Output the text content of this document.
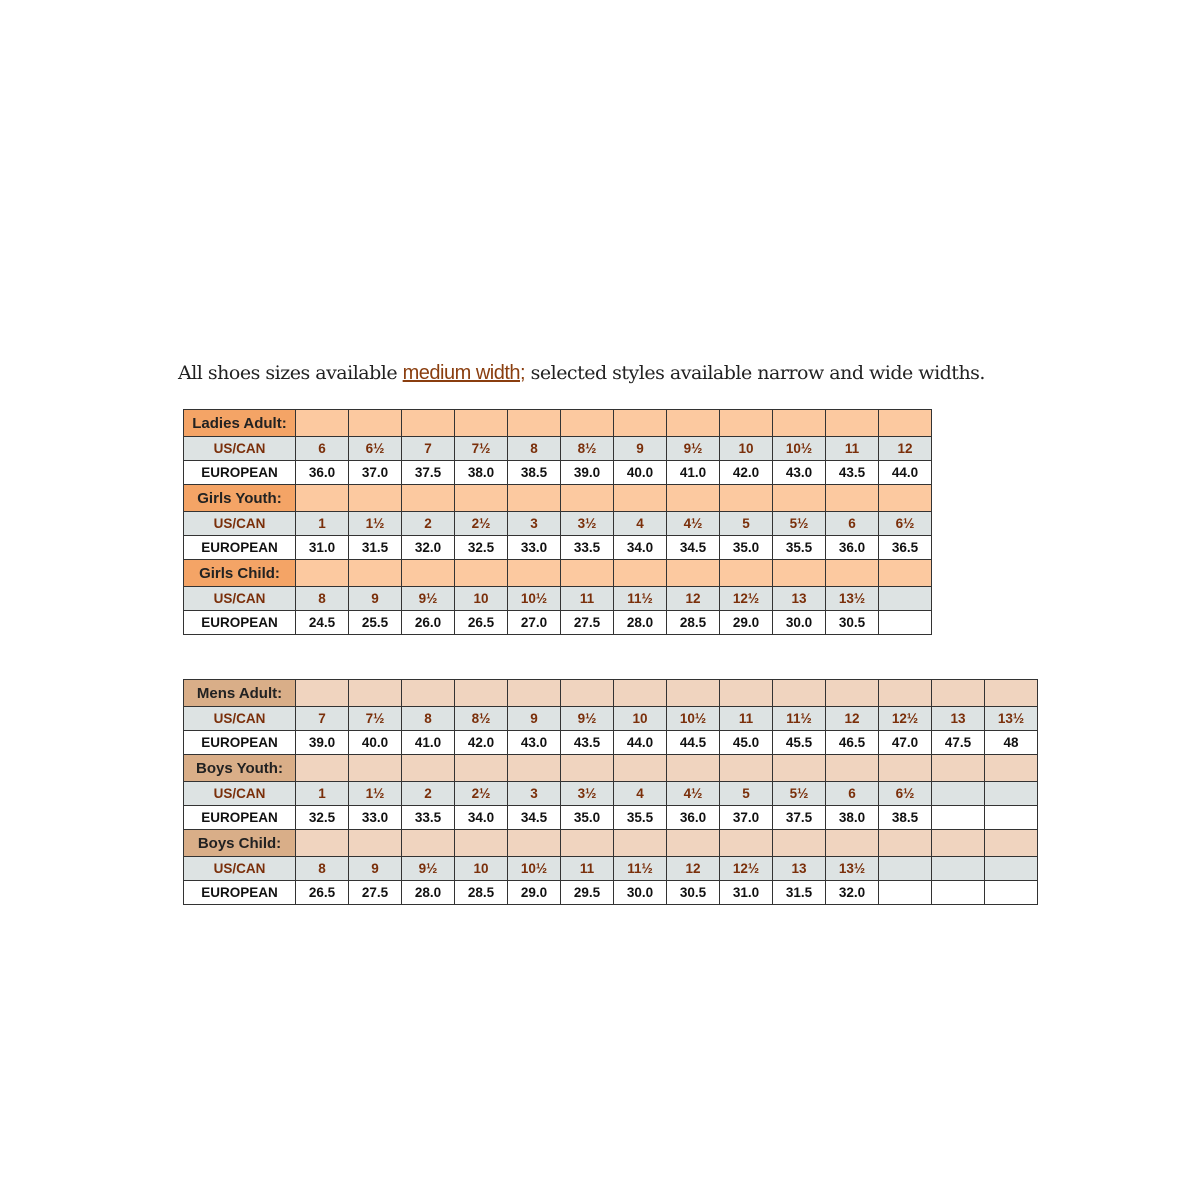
All shoes sizes available medium width; selected styles available narrow and wide widths.
Ladies Adult:												
US/CAN	6	6½	7	7½	8	8½	9	9½	10	10½	11	12
EUROPEAN	36.0	37.0	37.5	38.0	38.5	39.0	40.0	41.0	42.0	43.0	43.5	44.0
Girls Youth:												
US/CAN	1	1½	2	2½	3	3½	4	4½	5	5½	6	6½
EUROPEAN	31.0	31.5	32.0	32.5	33.0	33.5	34.0	34.5	35.0	35.5	36.0	36.5
Girls Child:												
US/CAN	8	9	9½	10	10½	11	11½	12	12½	13	13½	
EUROPEAN	24.5	25.5	26.0	26.5	27.0	27.5	28.0	28.5	29.0	30.0	30.5	
Mens Adult:														
US/CAN	7	7½	8	8½	9	9½	10	10½	11	11½	12	12½	13	13½
EUROPEAN	39.0	40.0	41.0	42.0	43.0	43.5	44.0	44.5	45.0	45.5	46.5	47.0	47.5	48
Boys Youth:														
US/CAN	1	1½	2	2½	3	3½	4	4½	5	5½	6	6½		
EUROPEAN	32.5	33.0	33.5	34.0	34.5	35.0	35.5	36.0	37.0	37.5	38.0	38.5		
Boys Child:														
US/CAN	8	9	9½	10	10½	11	11½	12	12½	13	13½			
EUROPEAN	26.5	27.5	28.0	28.5	29.0	29.5	30.0	30.5	31.0	31.5	32.0			
